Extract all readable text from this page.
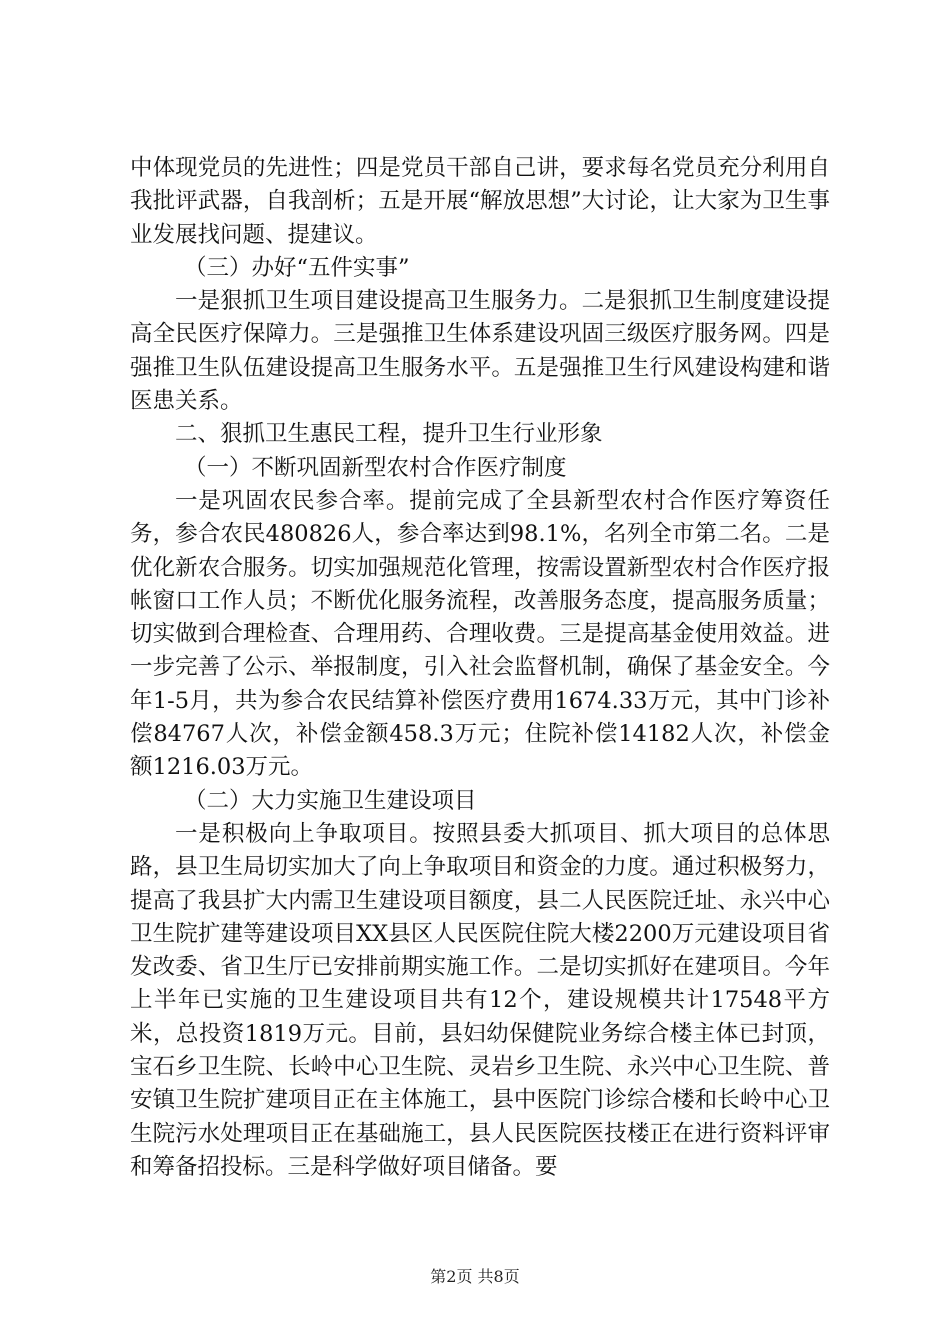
中体现党员的先进性；四是党员干部自己讲，要求每名党员充分利用自我批评武器，自我剖析；五是开展“解放思想”大讨论，让大家为卫生事业发展找问题、提建议。

（三）办好“五件实事”

一是狠抓卫生项目建设提高卫生服务力。二是狠抓卫生制度建设提高全民医疗保障力。三是强推卫生体系建设巩固三级医疗服务网。四是强推卫生队伍建设提高卫生服务水平。五是强推卫生行风建设构建和谐医患关系。

二、狠抓卫生惠民工程，提升卫生行业形象

（一）不断巩固新型农村合作医疗制度

一是巩固农民参合率。提前完成了全县新型农村合作医疗筹资任务，参合农民480826人，参合率达到98.1%，名列全市第二名。二是优化新农合服务。切实加强规范化管理，按需设置新型农村合作医疗报帐窗口工作人员；不断优化服务流程，改善服务态度，提高服务质量；切实做到合理检查、合理用药、合理收费。三是提高基金使用效益。进一步完善了公示、举报制度，引入社会监督机制，确保了基金安全。今年1-5月，共为参合农民结算补偿医疗费用1674.33万元，其中门诊补偿84767人次，补偿金额458.3万元；住院补偿14182人次，补偿金额1216.03万元。

（二）大力实施卫生建设项目

一是积极向上争取项目。按照县委大抓项目、抓大项目的总体思路，县卫生局切实加大了向上争取项目和资金的力度。通过积极努力，提高了我县扩大内需卫生建设项目额度，县二人民医院迁址、永兴中心卫生院扩建等建设项目XX县区人民医院住院大楼2200万元建设项目省发改委、省卫生厅已安排前期实施工作。二是切实抓好在建项目。今年上半年已实施的卫生建设项目共有12个，建设规模共计17548平方米，总投资1819万元。目前，县妇幼保健院业务综合楼主体已封顶，宝石乡卫生院、长岭中心卫生院、灵岩乡卫生院、永兴中心卫生院、普安镇卫生院扩建项目正在主体施工，县中医院门诊综合楼和长岭中心卫生院污水处理项目正在基础施工，县人民医院医技楼正在进行资料评审和筹备招投标。三是科学做好项目储备。要

第2页 共8页
